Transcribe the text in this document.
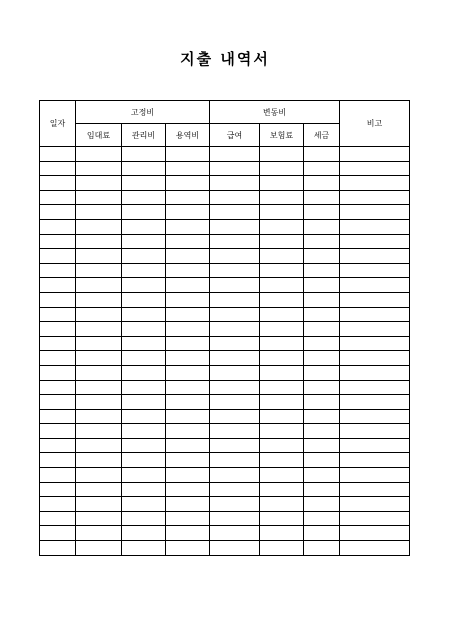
지출 내역서
일자	고정비			변동비			비고
	임대료	관리비	용역비	급여	보험료	세금	
